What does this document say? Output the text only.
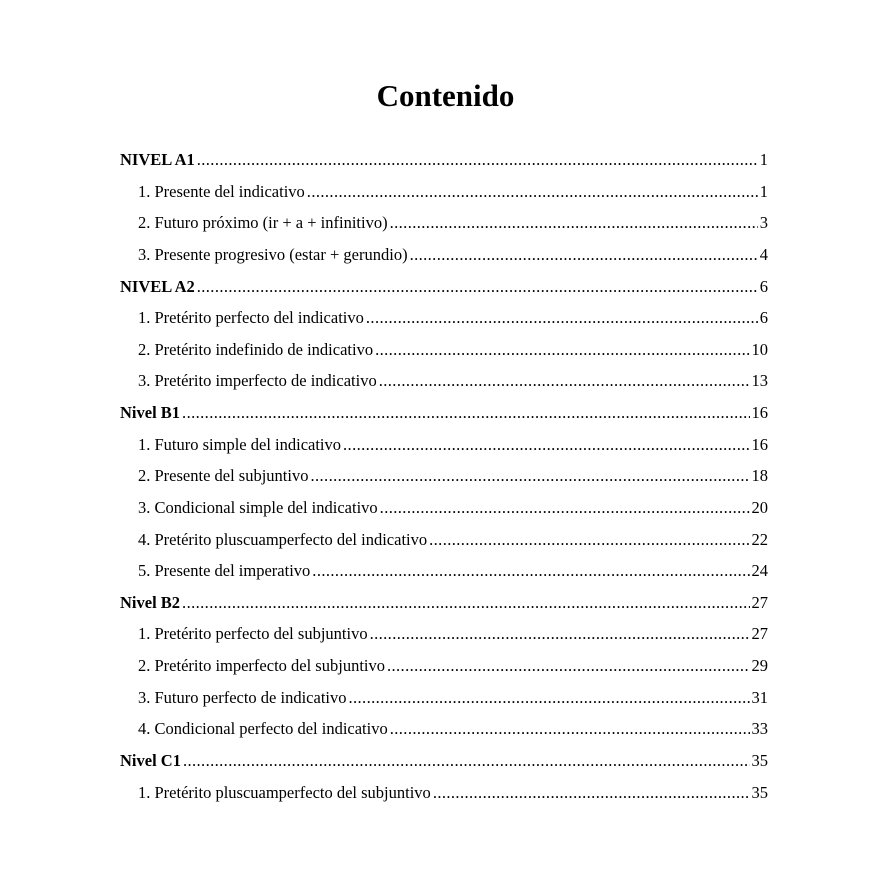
Contenido
NIVEL A1 .....	1
1. Presente del indicativo .....	1
2. Futuro próximo (ir + a + infinitivo) .....	3
3. Presente progresivo (estar + gerundio) .....	4
NIVEL A2 .....	6
1. Pretérito perfecto del indicativo .....	6
2. Pretérito indefinido de indicativo .....	10
3. Pretérito imperfecto de indicativo .....	13
Nivel B1 .....	16
1. Futuro simple del indicativo .....	16
2. Presente del subjuntivo .....	18
3. Condicional simple del indicativo .....	20
4. Pretérito pluscuamperfecto del indicativo .....	22
5. Presente del imperativo .....	24
Nivel B2 .....	27
1. Pretérito perfecto del subjuntivo .....	27
2. Pretérito imperfecto del subjuntivo .....	29
3. Futuro perfecto de indicativo .....	31
4. Condicional perfecto del indicativo .....	33
Nivel C1 .....	35
1. Pretérito pluscuamperfecto del subjuntivo .....	35
